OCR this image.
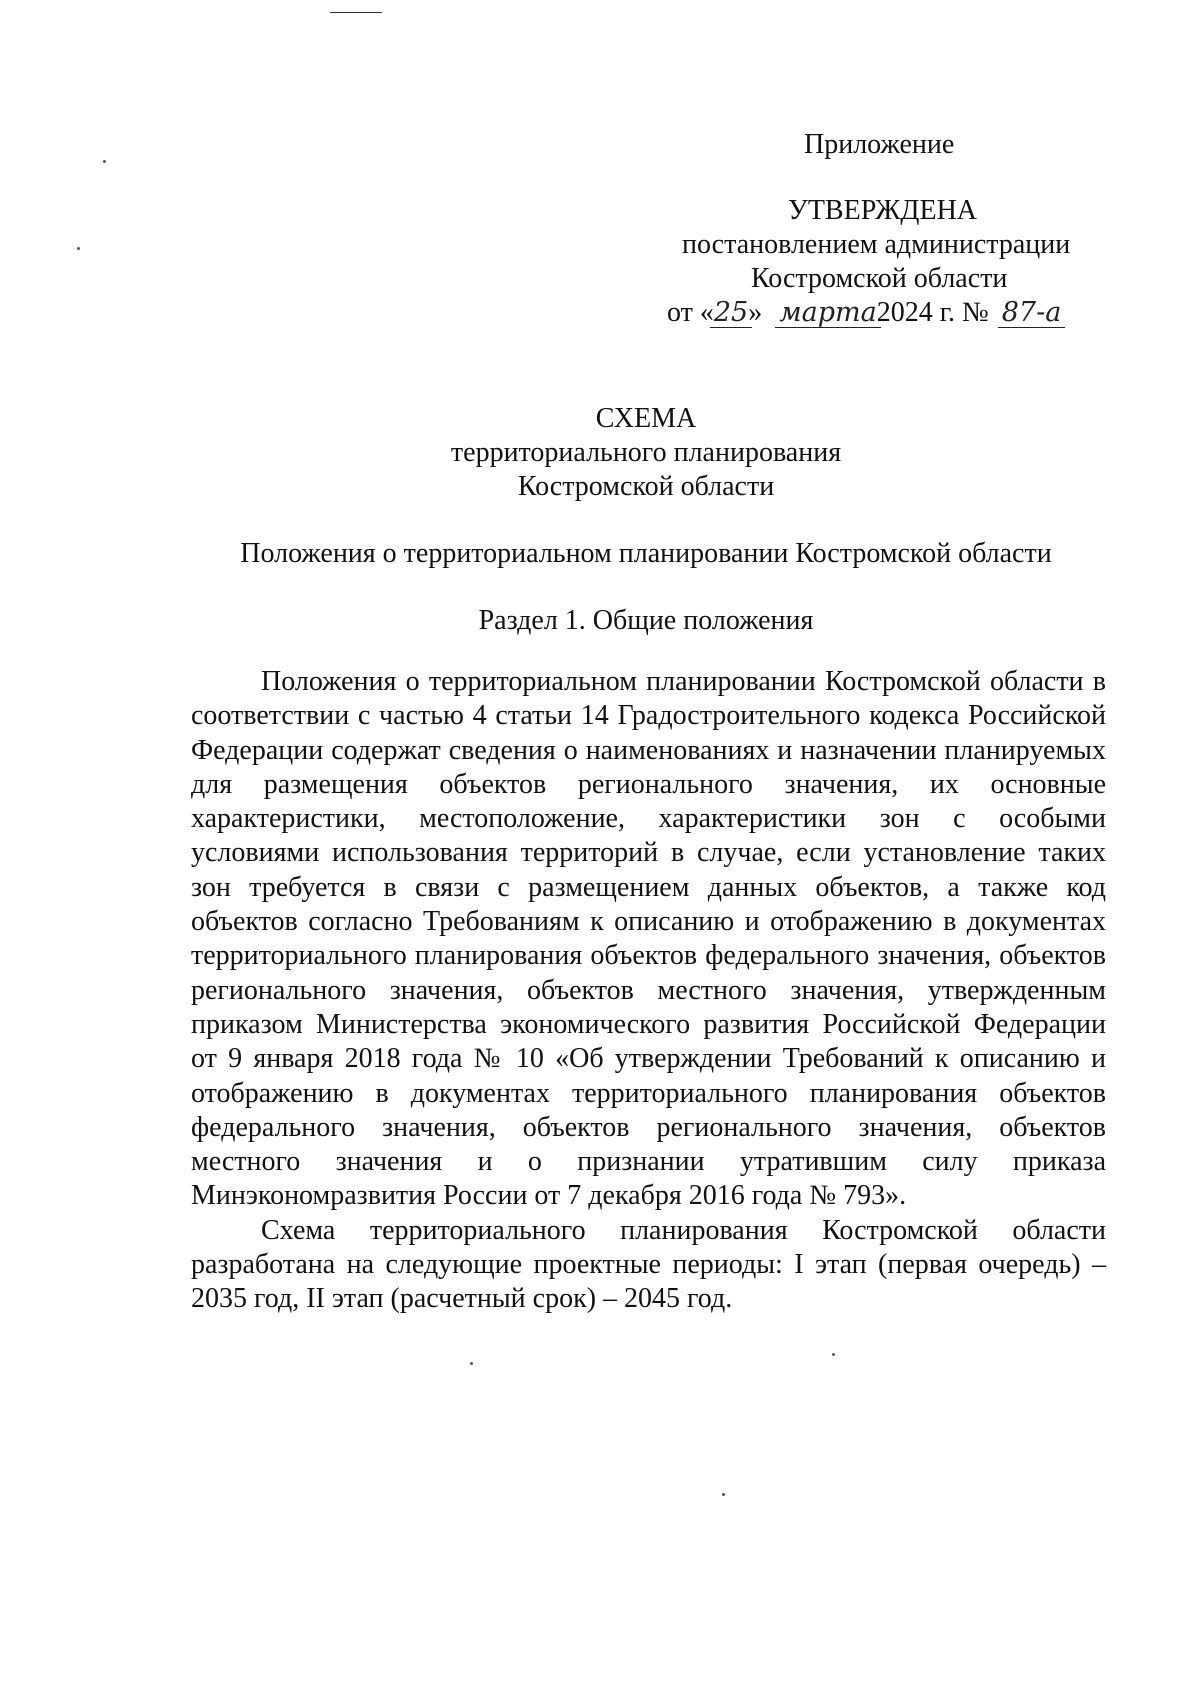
Приложение
УТВЕРЖДЕНА
постановлением администрации
Костромской области
от «25» марта2024 г. № 87-а
СХЕМА
территориального планирования
Костромской области
Положения о территориальном планировании Костромской области
Раздел 1. Общие положения

Положения о территориальном планировании Костромской области в соответствии с частью 4 статьи 14 Градостроительного кодекса Российской Федерации содержат сведения о наименованиях и назначении планируемых для размещения объектов регионального значения, их основные характеристики, местоположение, характеристики зон с особыми условиями использования территорий в случае, если установление таких зон требуется в связи с размещением данных объектов, а также код объектов согласно Требованиям к описанию и отображению в документах территориального планирования объектов федерального значения, объектов регионального значения, объектов местного значения, утвержденным приказом Министерства экономического развития Российской Федерации от 9 января 2018 года № 10 «Об утверждении Требований к описанию и отображению в документах территориального планирования объектов федерального значения, объектов регионального значения, объектов местного значения и о признании утратившим силу приказа Минэкономразвития России от 7 декабря 2016 года № 793».

Схема территориального планирования Костромской области разработана на следующие проектные периоды: I этап (первая очередь) – 2035 год, II этап (расчетный срок) – 2045 год.
